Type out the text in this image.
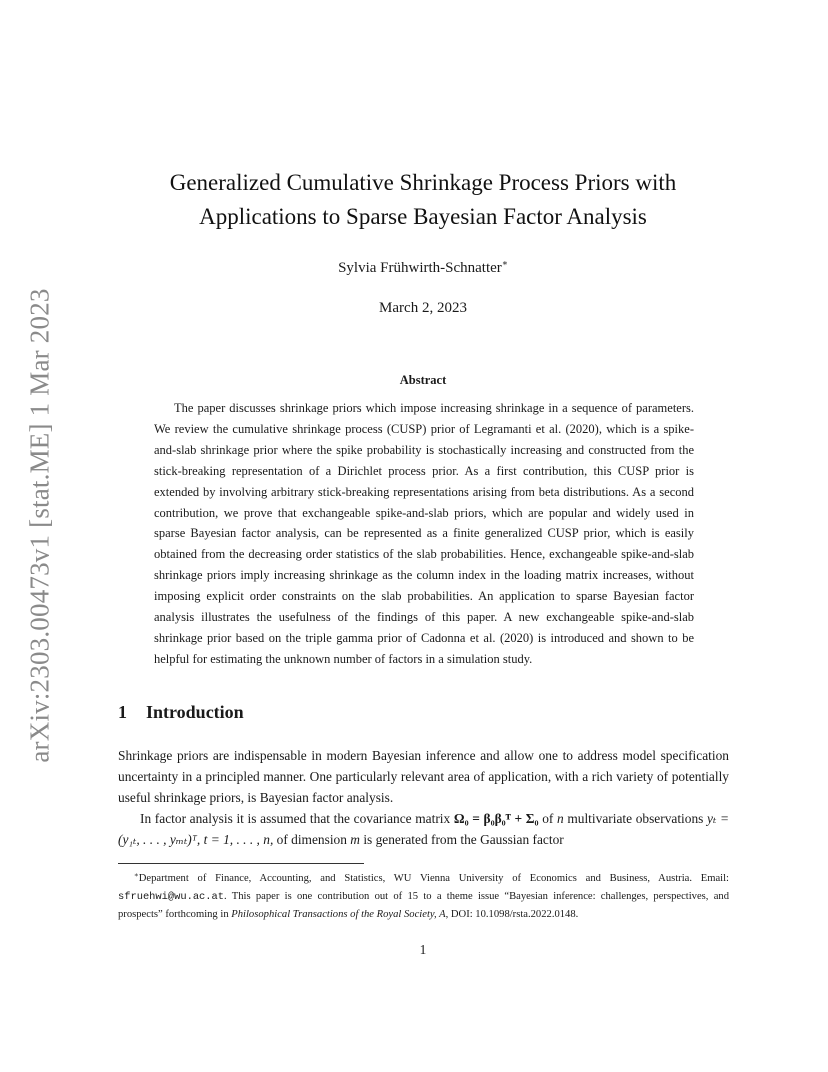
arXiv:2303.00473v1 [stat.ME] 1 Mar 2023
Generalized Cumulative Shrinkage Process Priors with
Applications to Sparse Bayesian Factor Analysis
Sylvia Frühwirth-Schnatter∗
March 2, 2023
Abstract
The paper discusses shrinkage priors which impose increasing shrinkage in a sequence of parameters. We review the cumulative shrinkage process (CUSP) prior of Legramanti et al. (2020), which is a spike-and-slab shrinkage prior where the spike probability is stochastically increasing and constructed from the stick-breaking representation of a Dirichlet process prior. As a first contribution, this CUSP prior is extended by involving arbitrary stick-breaking representations arising from beta distributions. As a second contribution, we prove that exchangeable spike-and-slab priors, which are popular and widely used in sparse Bayesian factor analysis, can be represented as a finite generalized CUSP prior, which is easily obtained from the decreasing order statistics of the slab probabilities. Hence, exchangeable spike-and-slab shrinkage priors imply increasing shrinkage as the column index in the loading matrix increases, without imposing explicit order constraints on the slab probabilities. An application to sparse Bayesian factor analysis illustrates the usefulness of the findings of this paper. A new exchangeable spike-and-slab shrinkage prior based on the triple gamma prior of Cadonna et al. (2020) is introduced and shown to be helpful for estimating the unknown number of factors in a simulation study.
1 Introduction

Shrinkage priors are indispensable in modern Bayesian inference and allow one to address model specification uncertainty in a principled manner. One particularly relevant area of application, with a rich variety of potentially useful shrinkage priors, is Bayesian factor analysis.

In factor analysis it is assumed that the covariance matrix Ω₀ = β₀β₀ᵀ + Σ₀ of n multivariate observations yₜ = (y₁ₜ, . . . , yₘₜ)ᵀ, t = 1, . . . , n, of dimension m is generated from the Gaussian factor

∗Department of Finance, Accounting, and Statistics, WU Vienna University of Economics and Business, Austria. Email: sfruehwi@wu.ac.at. This paper is one contribution out of 15 to a theme issue “Bayesian inference: challenges, perspectives, and prospects” forthcoming in Philosophical Transactions of the Royal Society, A, DOI: 10.1098/rsta.2022.0148.
1
